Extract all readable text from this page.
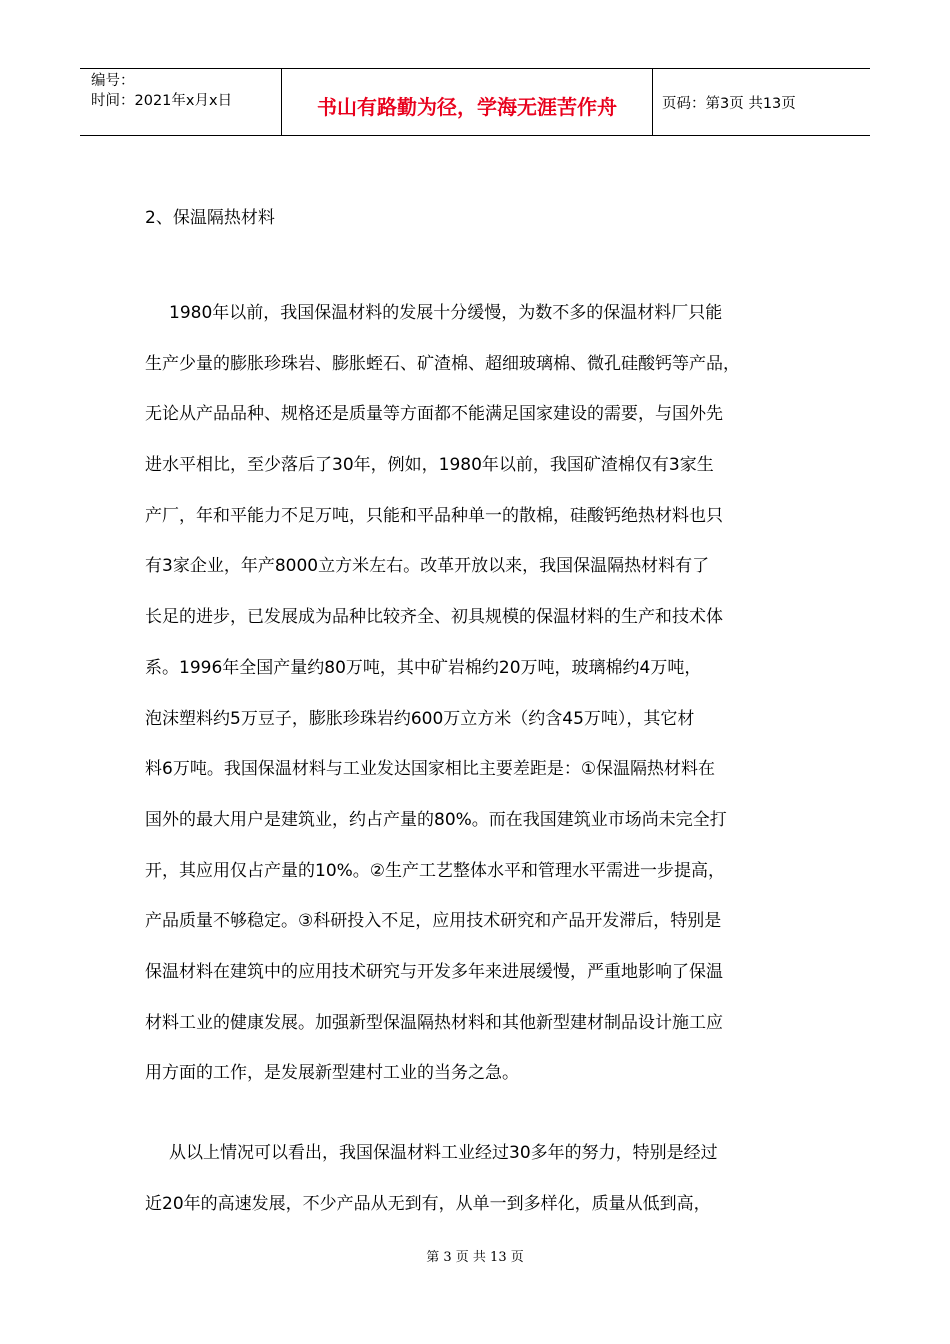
编号：
时间：2021年x月x日	书山有路勤为径，学海无涯苦作舟	页码：第3页 共13页
2、保温隔热材料
1980年以前，我国保温材料的发展十分缓慢，为数不多的保温材料厂只能
生产少量的膨胀珍珠岩、膨胀蛭石、矿渣棉、超细玻璃棉、微孔硅酸钙等产品，
无论从产品品种、规格还是质量等方面都不能满足国家建设的需要，与国外先
进水平相比，至少落后了30年，例如，1980年以前，我国矿渣棉仅有3家生
产厂，年和平能力不足万吨，只能和平品种单一的散棉，硅酸钙绝热材料也只
有3家企业，年产8000立方米左右。改革开放以来，我国保温隔热材料有了
长足的进步，已发展成为品种比较齐全、初具规模的保温材料的生产和技术体
系。1996年全国产量约80万吨，其中矿岩棉约20万吨，玻璃棉约4万吨，
泡沫塑料约5万豆子，膨胀珍珠岩约600万立方米（约含45万吨），其它材
料6万吨。我国保温材料与工业发达国家相比主要差距是：①保温隔热材料在
国外的最大用户是建筑业，约占产量的80%。而在我国建筑业市场尚未完全打
开，其应用仅占产量的10%。②生产工艺整体水平和管理水平需进一步提高，
产品质量不够稳定。③科研投入不足，应用技术研究和产品开发滞后，特别是
保温材料在建筑中的应用技术研究与开发多年来进展缓慢，严重地影响了保温
材料工业的健康发展。加强新型保温隔热材料和其他新型建材制品设计施工应
用方面的工作，是发展新型建村工业的当务之急。
从以上情况可以看出，我国保温材料工业经过30多年的努力，特别是经过
近20年的高速发展，不少产品从无到有，从单一到多样化，质量从低到高，
第 3 页 共 13 页
